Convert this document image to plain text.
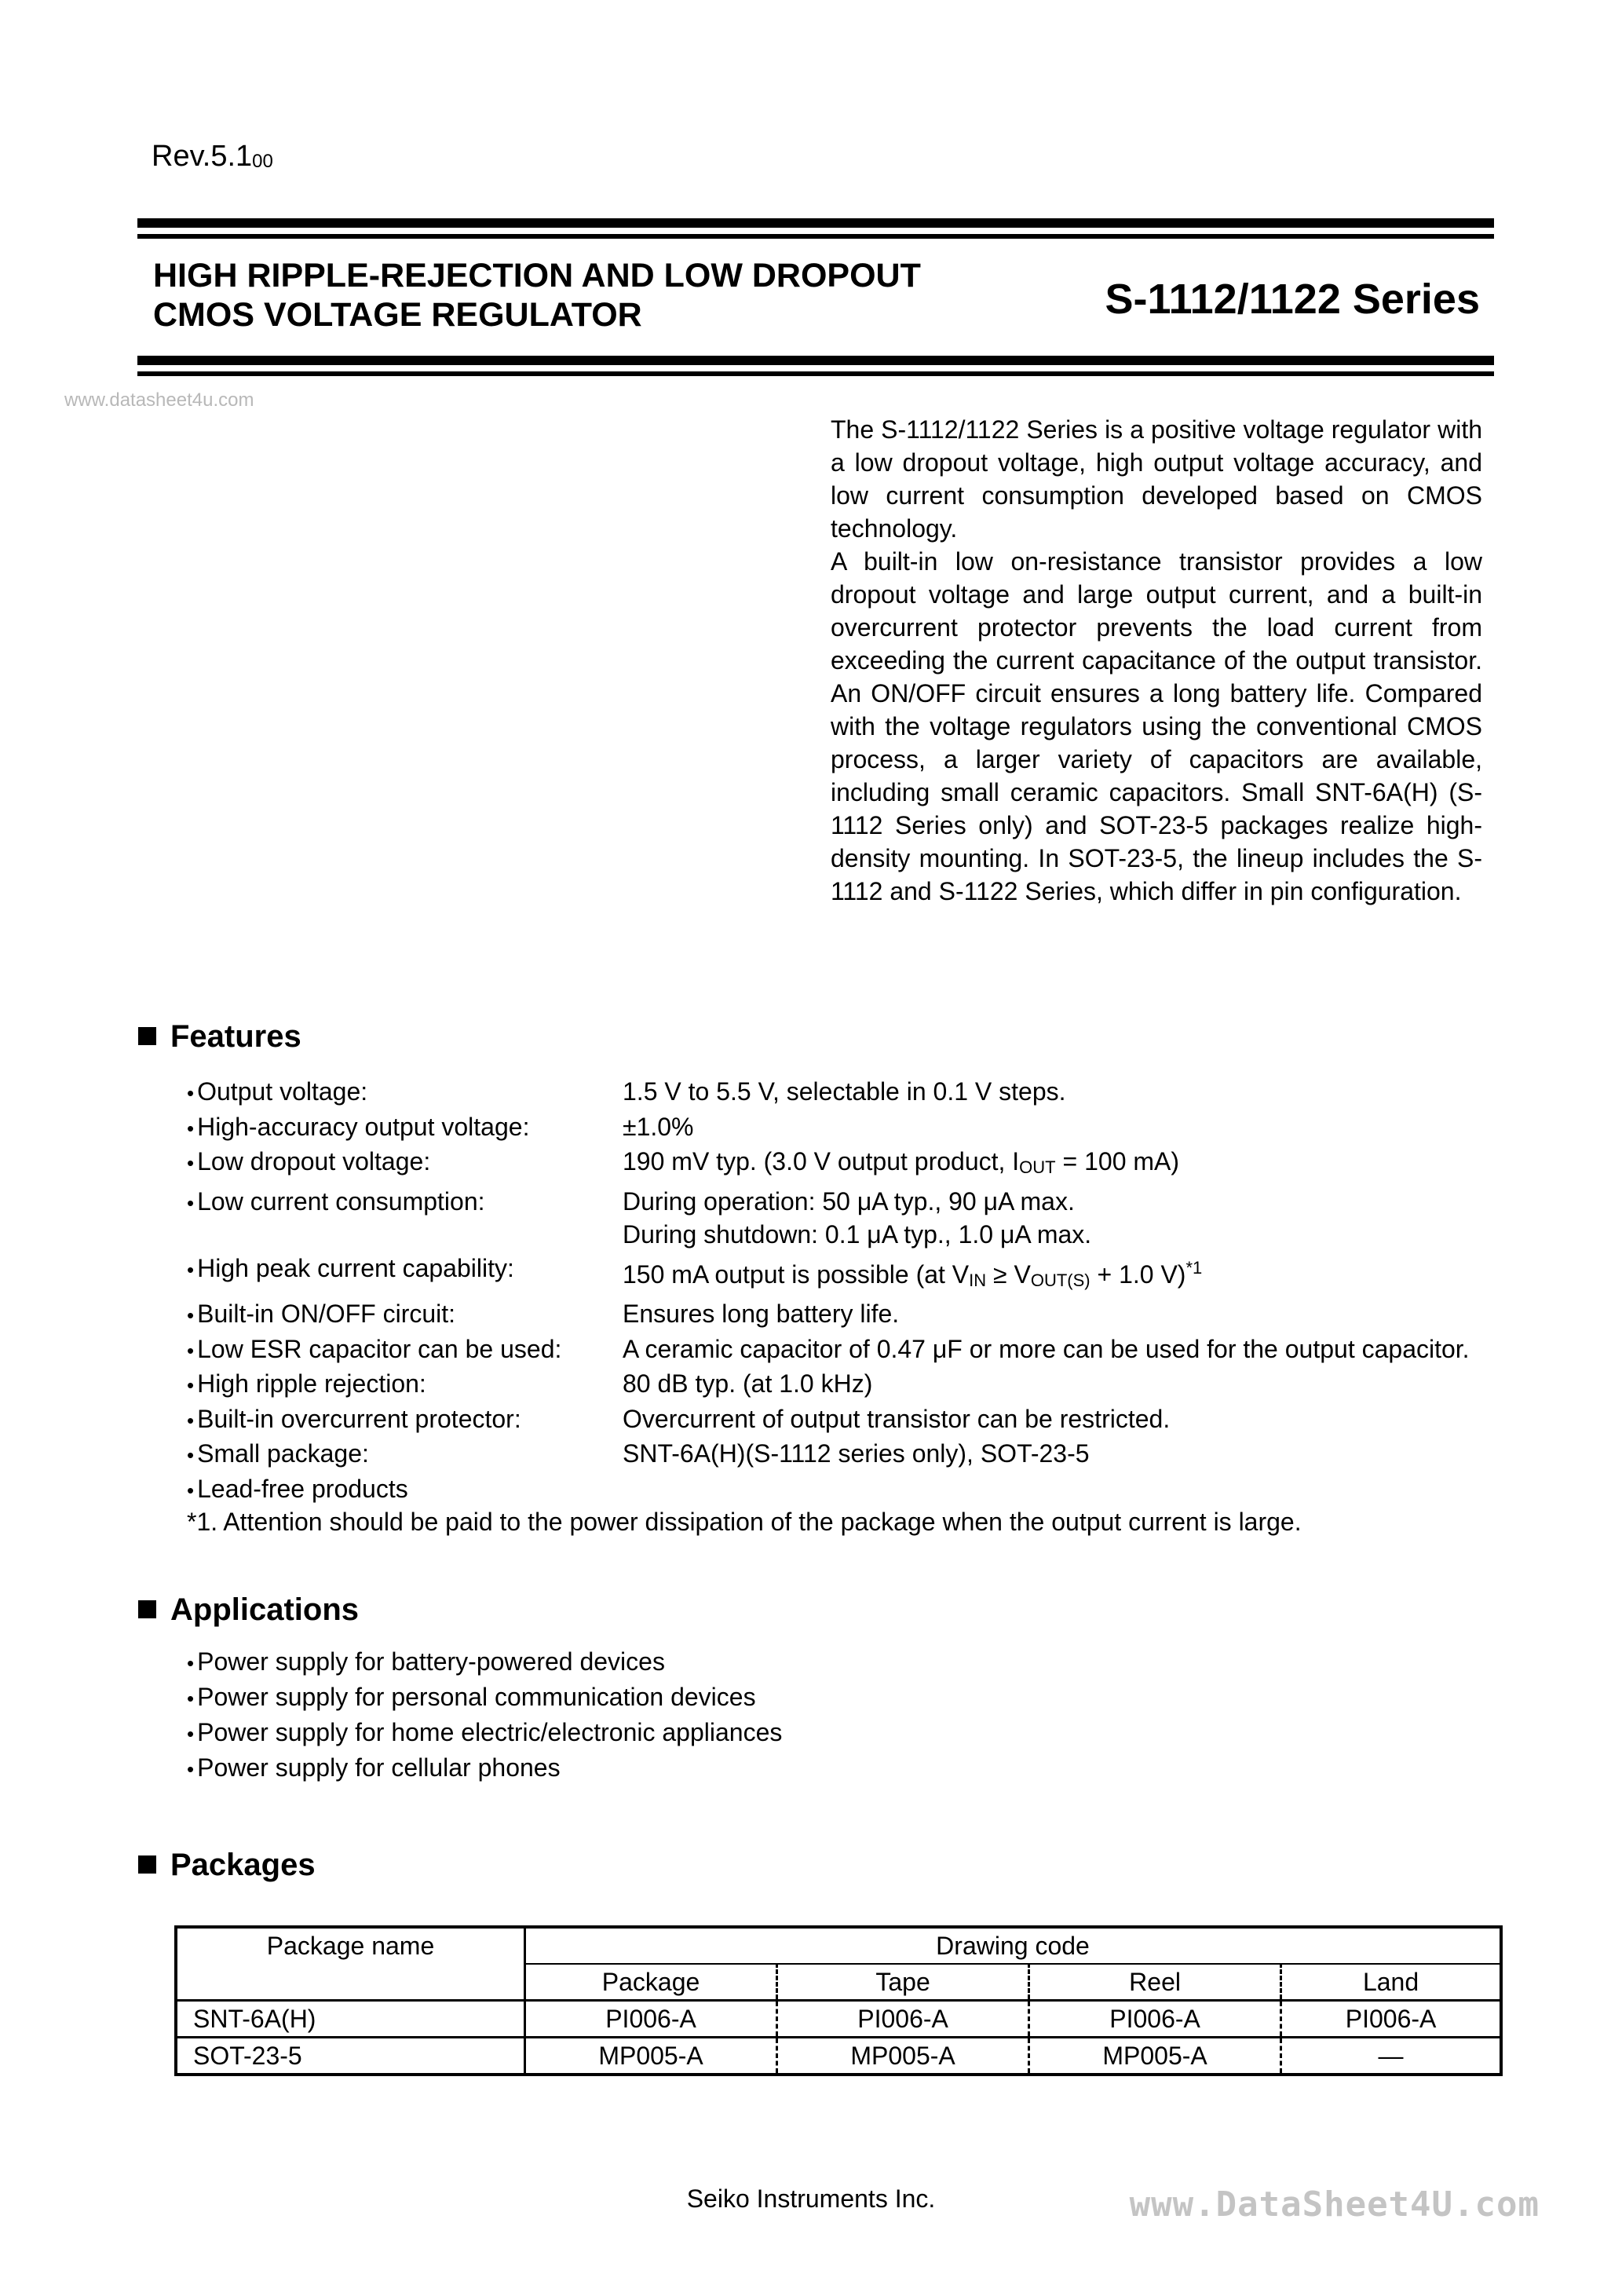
$Rev.5.1_{00}$
HIGH RIPPLE-REJECTION AND LOW DROPOUT
CMOS VOLTAGE REGULATOR	S-1112/1122 Series
www.datasheet4u.com

The S-1112/1122 Series is a positive voltage regulator with a low dropout voltage, high output voltage accuracy, and low current consumption developed based on CMOS technology.

A built-in low on-resistance transistor provides a low dropout voltage and large output current, and a built-in overcurrent protector prevents the load current from exceeding the current capacitance of the output transistor. An ON/OFF circuit ensures a long battery life. Compared with the voltage regulators using the conventional CMOS process, a larger variety of capacitors are available, including small ceramic capacitors. Small SNT-6A(H) (S-1112 Series only) and SOT-23-5 packages realize high-density mounting. In SOT-23-5, the lineup includes the S-1112 and S-1122 Series, which differ in pin configuration.

Features
• Output voltage:	1.5 V to 5.5 V, selectable in 0.1 V steps.
• High-accuracy output voltage:	±1.0%
• Low dropout voltage:	190 mV typ. (3.0 V output product, IOUT = 100 mA)
• Low current consumption:	During operation: 50 μA typ., 90 μA max.
During shutdown: 0.1 μA typ., 1.0 μA max.
• High peak current capability:	150 mA output is possible (at VIN ≥ VOUT(S) + 1.0 V)$^{*1}$
• Built-in ON/OFF circuit:	Ensures long battery life.
• Low ESR capacitor can be used:	A ceramic capacitor of 0.47 μF or more can be used for the output capacitor.
• High ripple rejection:	80 dB typ. (at 1.0 kHz)
• Built-in overcurrent protector:	Overcurrent of output transistor can be restricted.
• Small package:	SNT-6A(H)(S-1112 series only), SOT-23-5
• Lead-free products
*1. Attention should be paid to the power dissipation of the package when the output current is large.
Applications
• Power supply for battery-powered devices
• Power supply for personal communication devices
• Power supply for home electric/electronic appliances
• Power supply for cellular phones
Packages
Package name	Drawing code			
	Package	Tape	Reel	Land
SNT-6A(H)	PI006-A	PI006-A	PI006-A	PI006-A
SOT-23-5	MP005-A	MP005-A	MP005-A	—
Seiko Instruments Inc.	www.DataSheet4U.com
